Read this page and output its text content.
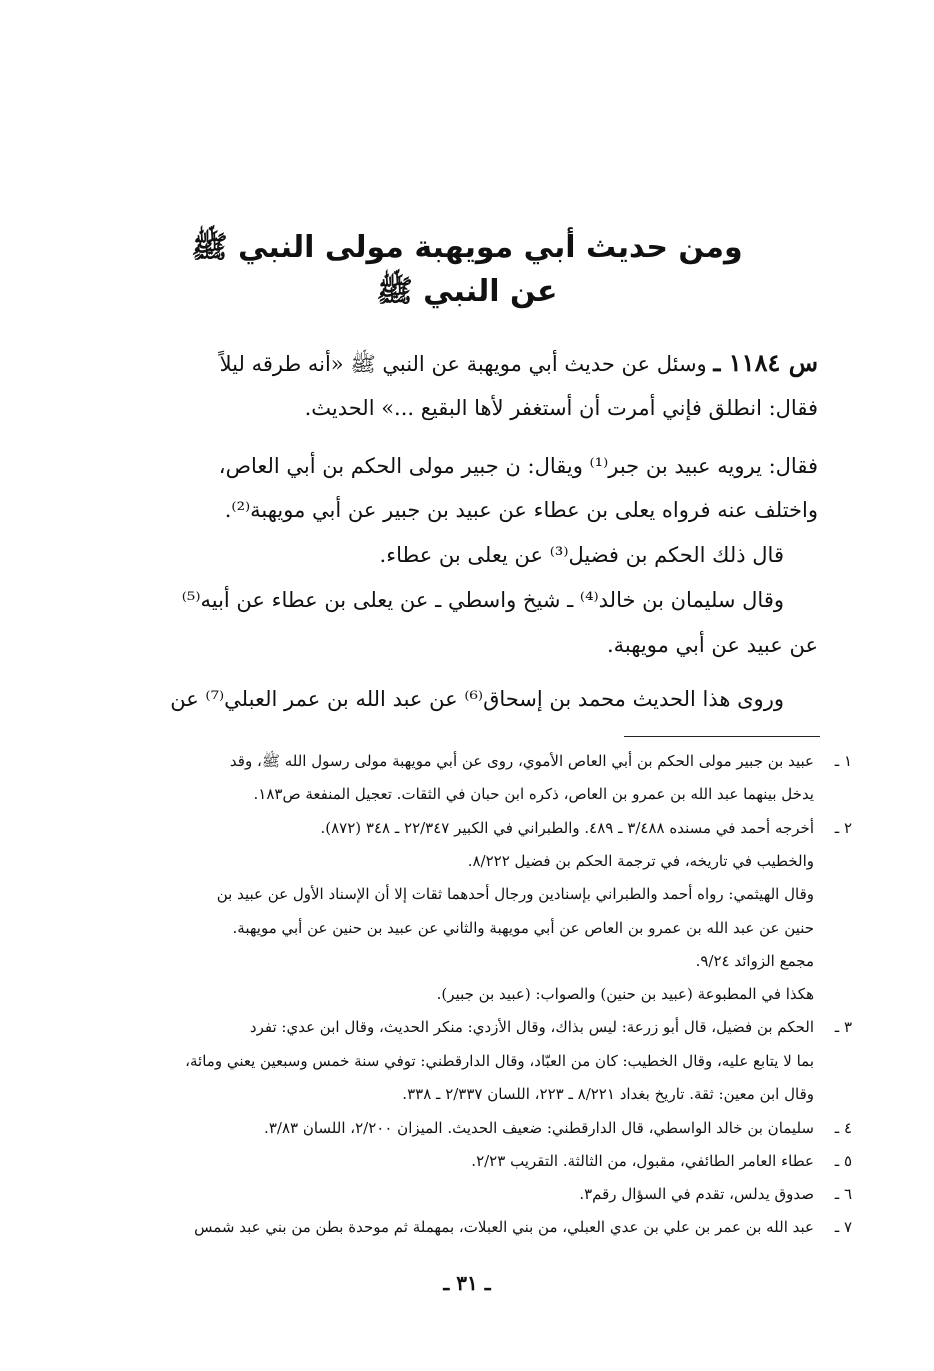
ومن حديث أبي مويهبة مولى النبي ﷺ
عن النبي ﷺ
س ١١٨٤ ـ وسئل عن حديث أبي مويهبة عن النبي ﷺ «أنه طرقه ليلاً
فقال: انطلق فإني أمرت أن أستغفر لأها البقيع ...» الحديث.
فقال: يرويه عبيد بن جبر⁽¹⁾ ويقال: ن جبير مولى الحكم بن أبي العاص،
واختلف عنه فرواه يعلى بن عطاء عن عبيد بن جبير عن أبي مويهبة⁽²⁾.
قال ذلك الحكم بن فضيل⁽³⁾ عن يعلى بن عطاء.
وقال سليمان بن خالد⁽⁴⁾ ـ شيخ واسطي ـ عن يعلى بن عطاء عن أبيه⁽⁵⁾
عن عبيد عن أبي مويهبة.
وروى هذا الحديث محمد بن إسحاق⁽⁶⁾ عن عبد الله بن عمر العبلي⁽⁷⁾ عن
١ ـعبيد بن جبير مولى الحكم بن أبي العاص الأموي، روى عن أبي مويهبة مولى رسول الله ﷺ، وقد
يدخل بينهما عبد الله بن عمرو بن العاص، ذكره ابن حبان في الثقات. تعجيل المنفعة ص١٨٣.
٢ ـأخرجه أحمد في مسنده ٣/٤٨٨ ـ ٤٨٩. والطبراني في الكبير ٢٢/٣٤٧ ـ ٣٤٨ (٨٧٢).
والخطيب في تاريخه، في ترجمة الحكم بن فضيل ٨/٢٢٢.
وقال الهيثمي: رواه أحمد والطبراني بإسنادين ورجال أحدهما ثقات إلا أن الإسناد الأول عن عبيد بن
حنين عن عبد الله بن عمرو بن العاص عن أبي مويهبة والثاني عن عبيد بن حنين عن أبي مويهبة.
مجمع الزوائد ٩/٢٤.
هكذا في المطبوعة (عبيد بن حنين) والصواب: (عبيد بن جبير).
٣ ـالحكم بن فضيل، قال أبو زرعة: ليس بذاك، وقال الأزدي: منكر الحديث، وقال ابن عدي: تفرد
بما لا يتابع عليه، وقال الخطيب: كان من العبّاد، وقال الدارقطني: توفي سنة خمس وسبعين يعني ومائة،
وقال ابن معين: ثقة. تاريخ بغداد ٨/٢٢١ ـ ٢٢٣، اللسان ٢/٣٣٧ ـ ٣٣٨.
٤ ـسليمان بن خالد الواسطي، قال الدارقطني: ضعيف الحديث. الميزان ٢/٢٠٠، اللسان ٣/٨٣.
٥ ـعطاء العامر الطائفي، مقبول، من الثالثة. التقريب ٢/٢٣.
٦ ـصدوق يدلس، تقدم في السؤال رقم٣.
٧ ـعبد الله بن عمر بن علي بن عدي العبلي، من بني العبلات، بمهملة ثم موحدة بطن من بني عبد شمس
ـ ٣١ ـ
